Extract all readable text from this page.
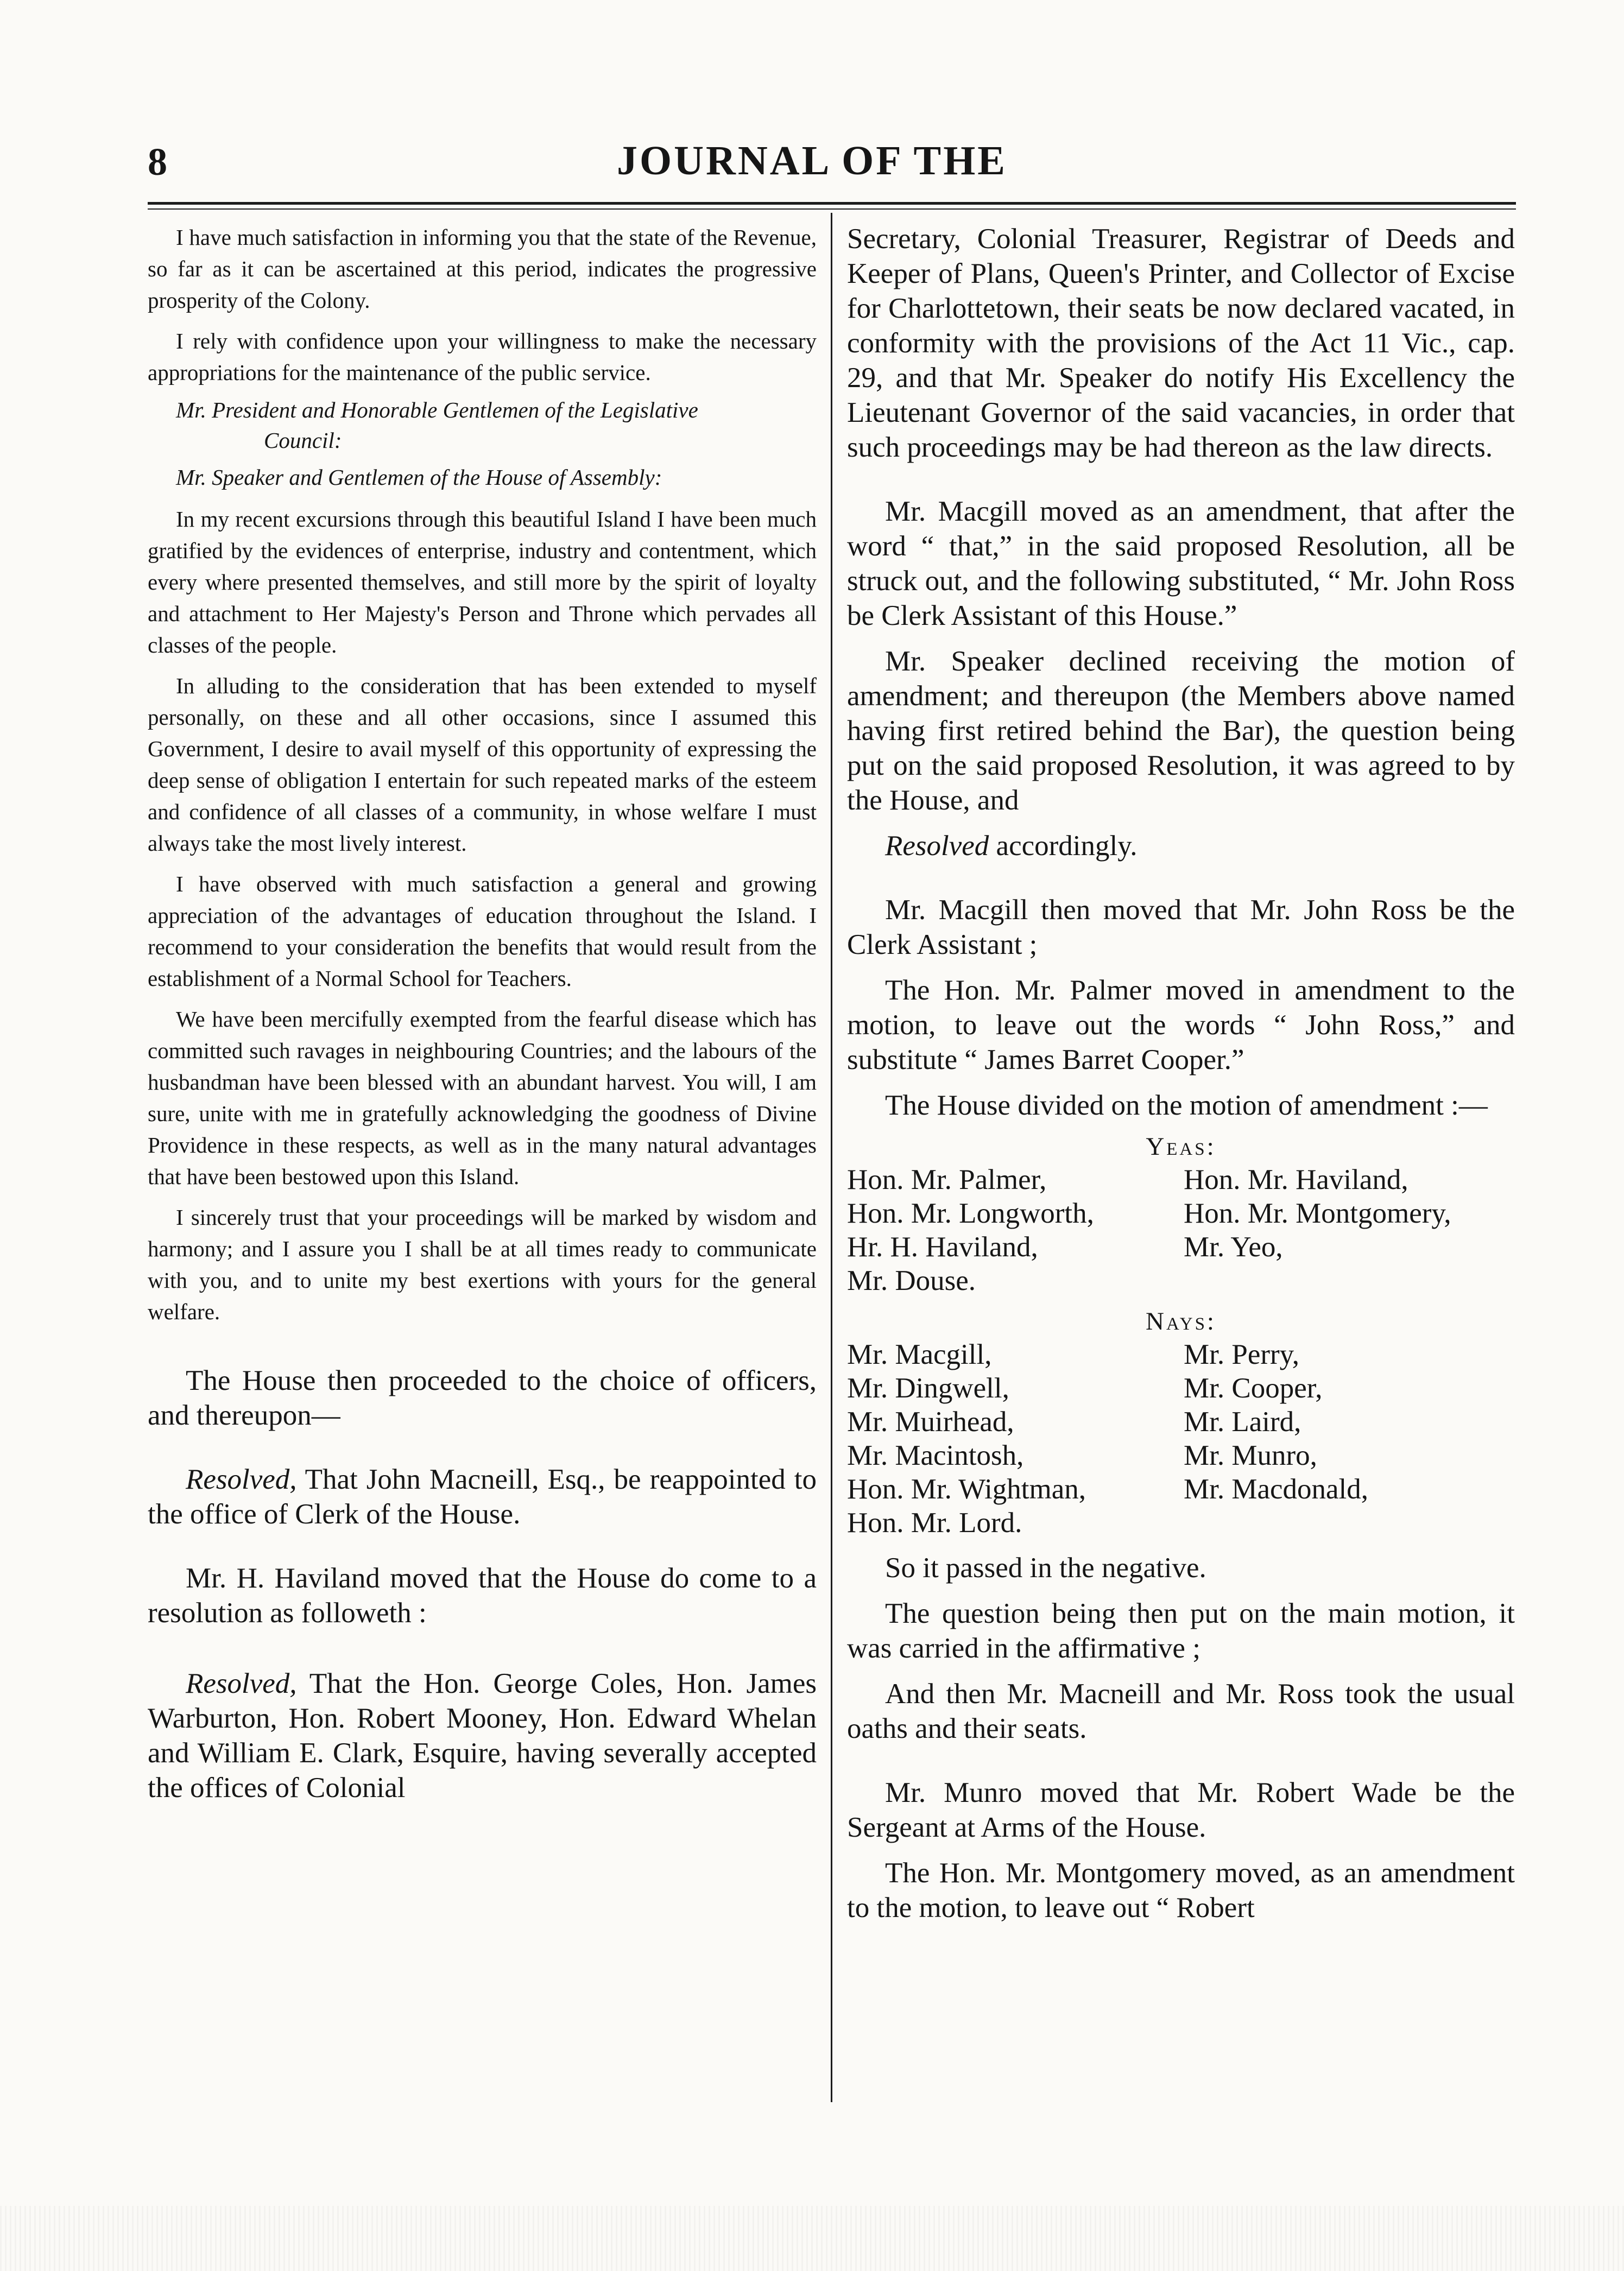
8	JOURNAL OF THE

I have much satisfaction in informing you that the state of the Revenue, so far as it can be ascertained at this period, indicates the progressive prosperity of the Colony.

I rely with confidence upon your willingness to make the necessary appropriations for the maintenance of the public service.

Mr. President and Honorable Gentlemen of the Legislative
Council:

Mr. Speaker and Gentlemen of the House of Assembly:

In my recent excursions through this beautiful Island I have been much gratified by the evidences of enterprise, industry and contentment, which every where presented themselves, and still more by the spirit of loyalty and attachment to Her Majesty's Person and Throne which pervades all classes of the people.

In alluding to the consideration that has been extended to myself personally, on these and all other occasions, since I assumed this Government, I desire to avail myself of this opportunity of expressing the deep sense of obligation I entertain for such repeated marks of the esteem and confidence of all classes of a community, in whose welfare I must always take the most lively interest.

I have observed with much satisfaction a general and growing appreciation of the advantages of education throughout the Island. I recommend to your consideration the benefits that would result from the establishment of a Normal School for Teachers.

We have been mercifully exempted from the fearful disease which has committed such ravages in neighbouring Countries; and the labours of the husbandman have been blessed with an abundant harvest. You will, I am sure, unite with me in gratefully acknowledging the goodness of Divine Providence in these respects, as well as in the many natural advantages that have been bestowed upon this Island.

I sincerely trust that your proceedings will be marked by wisdom and harmony; and I assure you I shall be at all times ready to communicate with you, and to unite my best exertions with yours for the general welfare.

The House then proceeded to the choice of officers, and thereupon—

Resolved, That John Macneill, Esq., be reappointed to the office of Clerk of the House.

Mr. H. Haviland moved that the House do come to a resolution as followeth :

Resolved, That the Hon. George Coles, Hon. James Warburton, Hon. Robert Mooney, Hon. Edward Whelan and William E. Clark, Esquire, having severally accepted the offices of Colonial

Secretary, Colonial Treasurer, Registrar of Deeds and Keeper of Plans, Queen's Printer, and Collector of Excise for Charlottetown, their seats be now declared vacated, in conformity with the provisions of the Act 11 Vic., cap. 29, and that Mr. Speaker do notify His Excellency the Lieutenant Governor of the said vacancies, in order that such proceedings may be had thereon as the law directs.

Mr. Macgill moved as an amendment, that after the word “ that,” in the said proposed Resolution, all be struck out, and the following substituted, “ Mr. John Ross be Clerk Assistant of this House.”

Mr. Speaker declined receiving the motion of amendment; and thereupon (the Members above named having first retired behind the Bar), the question being put on the said proposed Resolution, it was agreed to by the House, and

Resolved accordingly.

Mr. Macgill then moved that Mr. John Ross be the Clerk Assistant ;

The Hon. Mr. Palmer moved in amendment to the motion, to leave out the words “ John Ross,” and substitute “ James Barret Cooper.”

The House divided on the motion of amendment :—

Yeas:
Hon. Mr. Palmer,	Hon. Mr. Haviland,
Hon. Mr. Longworth,	Hon. Mr. Montgomery,
Hr. H. Haviland,	Mr. Yeo,
Mr. Douse.
Nays:
Mr. Macgill,	Mr. Perry,
Mr. Dingwell,	Mr. Cooper,
Mr. Muirhead,	Mr. Laird,
Mr. Macintosh,	Mr. Munro,
Hon. Mr. Wightman,	Mr. Macdonald,
Hon. Mr. Lord.

So it passed in the negative.

The question being then put on the main motion, it was carried in the affirmative ;

And then Mr. Macneill and Mr. Ross took the usual oaths and their seats.

Mr. Munro moved that Mr. Robert Wade be the Sergeant at Arms of the House.

The Hon. Mr. Montgomery moved, as an amendment to the motion, to leave out “ Robert
